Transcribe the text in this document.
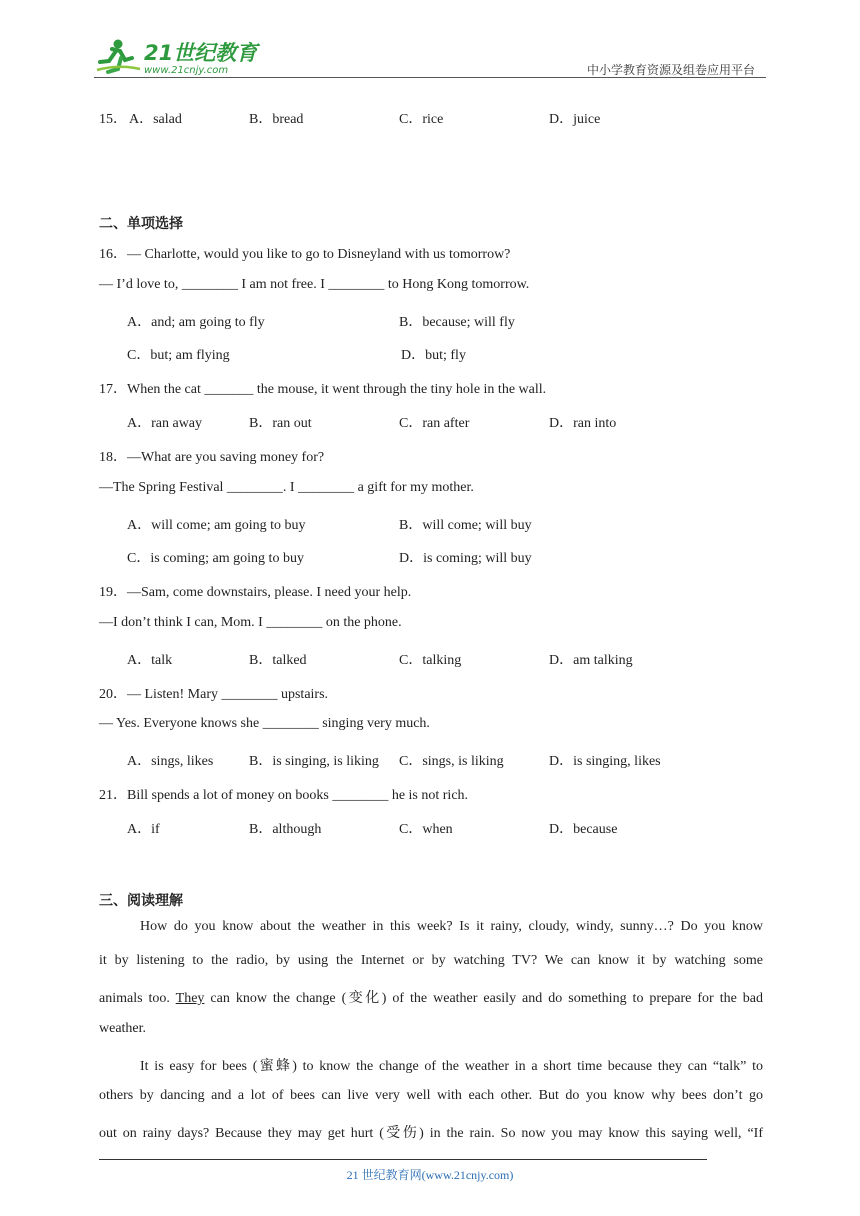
21世纪教育
www.21cnjy.com	中小学教育资源及组卷应用平台
15． A．salad	B．bread	C．rice	D．juice
二、单项选择
16．— Charlotte, would you like to go to Disneyland with us tomorrow?
— I’d love to, ________ I am not free. I ________ to Hong Kong tomorrow.
A．and; am going to fly	B．because; will fly
C．but; am flying	D．but; fly
17．When the cat _______ the mouse, it went through the tiny hole in the wall.
A．ran away	B．ran out	C．ran after	D．ran into
18．—What are you saving money for?
—The Spring Festival ________. I ________ a gift for my mother.
A．will come; am going to buy	B．will come; will buy
C．is coming; am going to buy	D．is coming; will buy
19．—Sam, come downstairs, please. I need your help.
—I don’t think I can, Mom. I ________ on the phone.
A．talk	B．talked	C．talking	D．am talking
20．— Listen! Mary ________ upstairs.
— Yes. Everyone knows she ________ singing very much.
A．sings, likes	B．is singing, is liking C．sings, is liking	D．is singing, likes
21．Bill spends a lot of money on books ________ he is not rich.
A．if	B．although	C．when	D．because
三、阅读理解
How do you know about the weather in this week? Is it rainy, cloudy, windy, sunny…? Do you know
it by listening to the radio, by using the Internet or by watching TV? We can know it by watching some
animals too. They can know the change (变化) of the weather easily and do something to prepare for the bad
weather.
It is easy for bees (蜜蜂) to know the change of the weather in a short time because they can “talk” to
others by dancing and a lot of bees can live very well with each other. But do you know why bees don’t go
out on rainy days? Because they may get hurt (受伤) in the rain. So now you may know this saying well, “If
21 世纪教育网(www.21cnjy.com)
